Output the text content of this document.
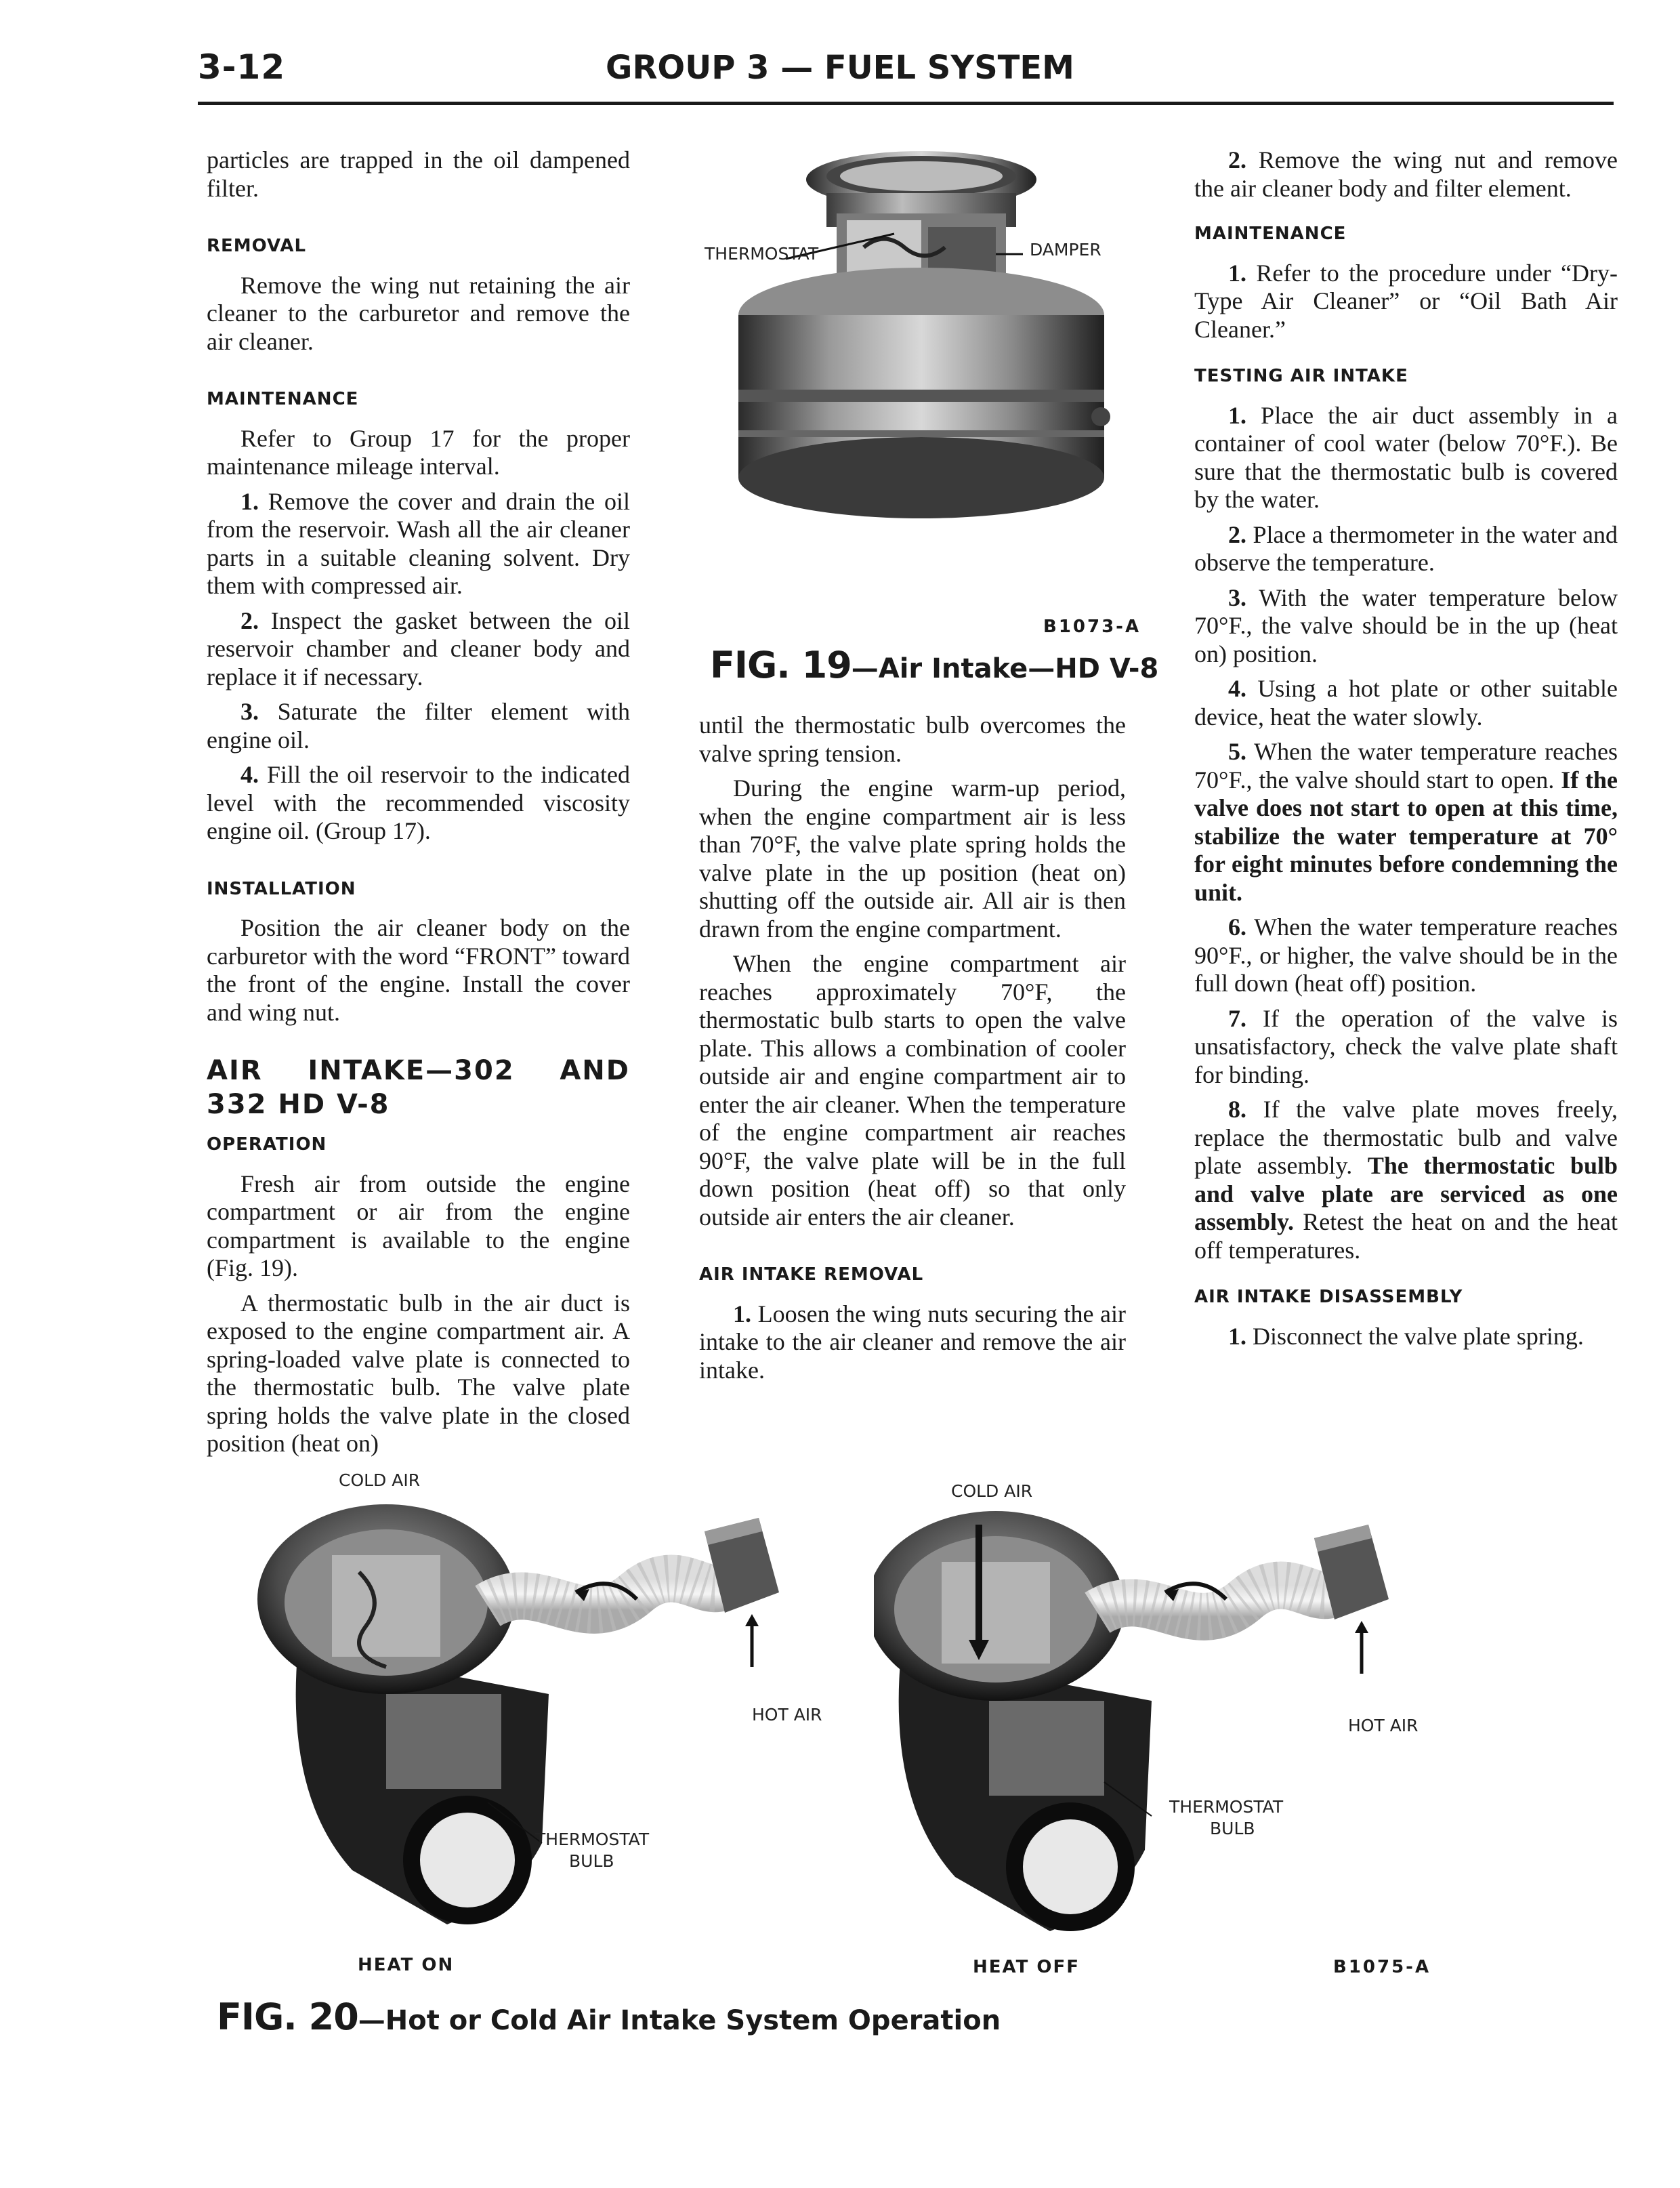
3-12	GROUP 3 — FUEL SYSTEM

particles are trapped in the oil dampened filter.

REMOVAL

Remove the wing nut retaining the air cleaner to the carburetor and remove the air cleaner.

MAINTENANCE

Refer to Group 17 for the proper maintenance mileage interval.

1. Remove the cover and drain the oil from the reservoir. Wash all the air cleaner parts in a suitable cleaning solvent. Dry them with compressed air.

2. Inspect the gasket between the oil reservoir chamber and cleaner body and replace it if necessary.

3. Saturate the filter element with engine oil.

4. Fill the oil reservoir to the indicated level with the recommended viscosity engine oil. (Group 17).

INSTALLATION

Position the air cleaner body on the carburetor with the word “FRONT” toward the front of the engine. Install the cover and wing nut.

AIR INTAKE—302 AND 332 HD V-8
OPERATION

Fresh air from outside the engine compartment or air from the engine compartment is available to the engine (Fig. 19).

A thermostatic bulb in the air duct is exposed to the engine compartment air. A spring-loaded valve plate is connected to the thermostatic bulb. The valve plate spring holds the valve plate in the closed position (heat on)

THERMOSTAT	DAMPER
B1073-A
FIG. 19—Air Intake—HD V-8

until the thermostatic bulb overcomes the valve spring tension.

During the engine warm-up period, when the engine compartment air is less than 70°F, the valve plate spring holds the valve plate in the up position (heat on) shutting off the outside air. All air is then drawn from the engine compartment.

When the engine compartment air reaches approximately 70°F, the thermostatic bulb starts to open the valve plate. This allows a combination of cooler outside air and engine compartment air to enter the air cleaner. When the temperature of the engine compartment air reaches 90°F, the valve plate will be in the full down position (heat off) so that only outside air enters the air cleaner.

AIR INTAKE REMOVAL

1. Loosen the wing nuts securing the air intake to the air cleaner and remove the air intake.

2. Remove the wing nut and remove the air cleaner body and filter element.

MAINTENANCE

1. Refer to the procedure under “Dry-Type Air Cleaner” or “Oil Bath Air Cleaner.”

TESTING AIR INTAKE

1. Place the air duct assembly in a container of cool water (below 70°F.). Be sure that the thermostatic bulb is covered by the water.

2. Place a thermometer in the water and observe the temperature.

3. With the water temperature below 70°F., the valve should be in the up (heat on) position.

4. Using a hot plate or other suitable device, heat the water slowly.

5. When the water temperature reaches 70°F., the valve should start to open. If the valve does not start to open at this time, stabilize the water temperature at 70° for eight minutes before condemning the unit.

6. When the water temperature reaches 90°F., or higher, the valve should be in the full down (heat off) position.

7. If the operation of the valve is unsatisfactory, check the valve plate shaft for binding.

8. If the valve plate moves freely, replace the thermostatic bulb and valve plate assembly. The thermostatic bulb and valve plate are serviced as one assembly. Retest the heat on and the heat off temperatures.

AIR INTAKE DISASSEMBLY

1. Disconnect the valve plate spring.

COLD AIR
HOT AIR
THERMOSTAT
BULB
HEAT ON
COLD AIR
HOT AIR
THERMOSTAT
BULB
HEAT OFF	B1075-A
FIG. 20—Hot or Cold Air Intake System Operation
